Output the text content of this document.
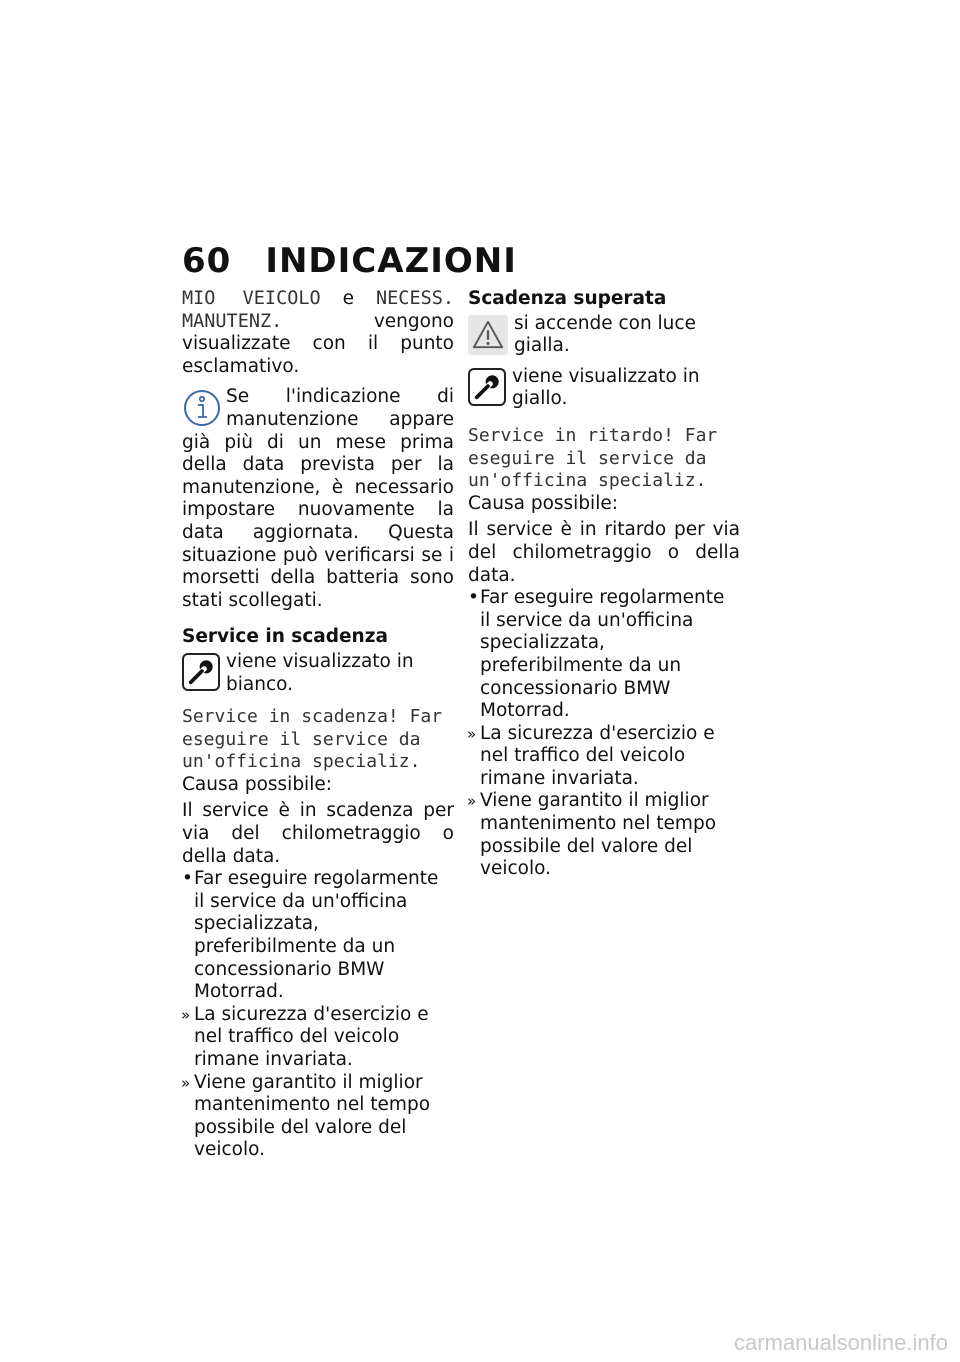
60 INDICAZIONI

MIO VEICOLO e NECESS. MANUTENZ.	vengono visualizzate con il punto esclamativo.

Se l'indicazione di manutenzione appare già più di un mese prima della data prevista per la manutenzione, è necessario impostare nuovamente la data aggiornata. Questa situazione può verificarsi se i morsetti della batteria sono stati scollegati.

Service in scadenza

viene visualizzato in bianco.
Service in scadenza! Far eseguire il service da un'officina specializ.

Causa possibile:

Il service è in scadenza per via del chilometraggio o della data.

• Far eseguire regolarmente il service da un'officina specializzata, preferibilmente da un concessionario BMW Motorrad.
» La sicurezza d'esercizio e nel traffico del veicolo rimane invariata.
» Viene garantito il miglior mantenimento nel tempo possibile del valore del veicolo.

Scadenza superata

si accende con luce gialla.
viene visualizzato in giallo.
Service in ritardo! Far eseguire il service da un'officina specializ.

Causa possibile:

Il service è in ritardo per via del chilometraggio o della data.

• Far eseguire regolarmente il service da un'officina specializzata, preferibilmente da un concessionario BMW Motorrad.
» La sicurezza d'esercizio e nel traffico del veicolo rimane invariata.
» Viene garantito il miglior mantenimento nel tempo possibile del valore del veicolo.
carmanualsonline.info
